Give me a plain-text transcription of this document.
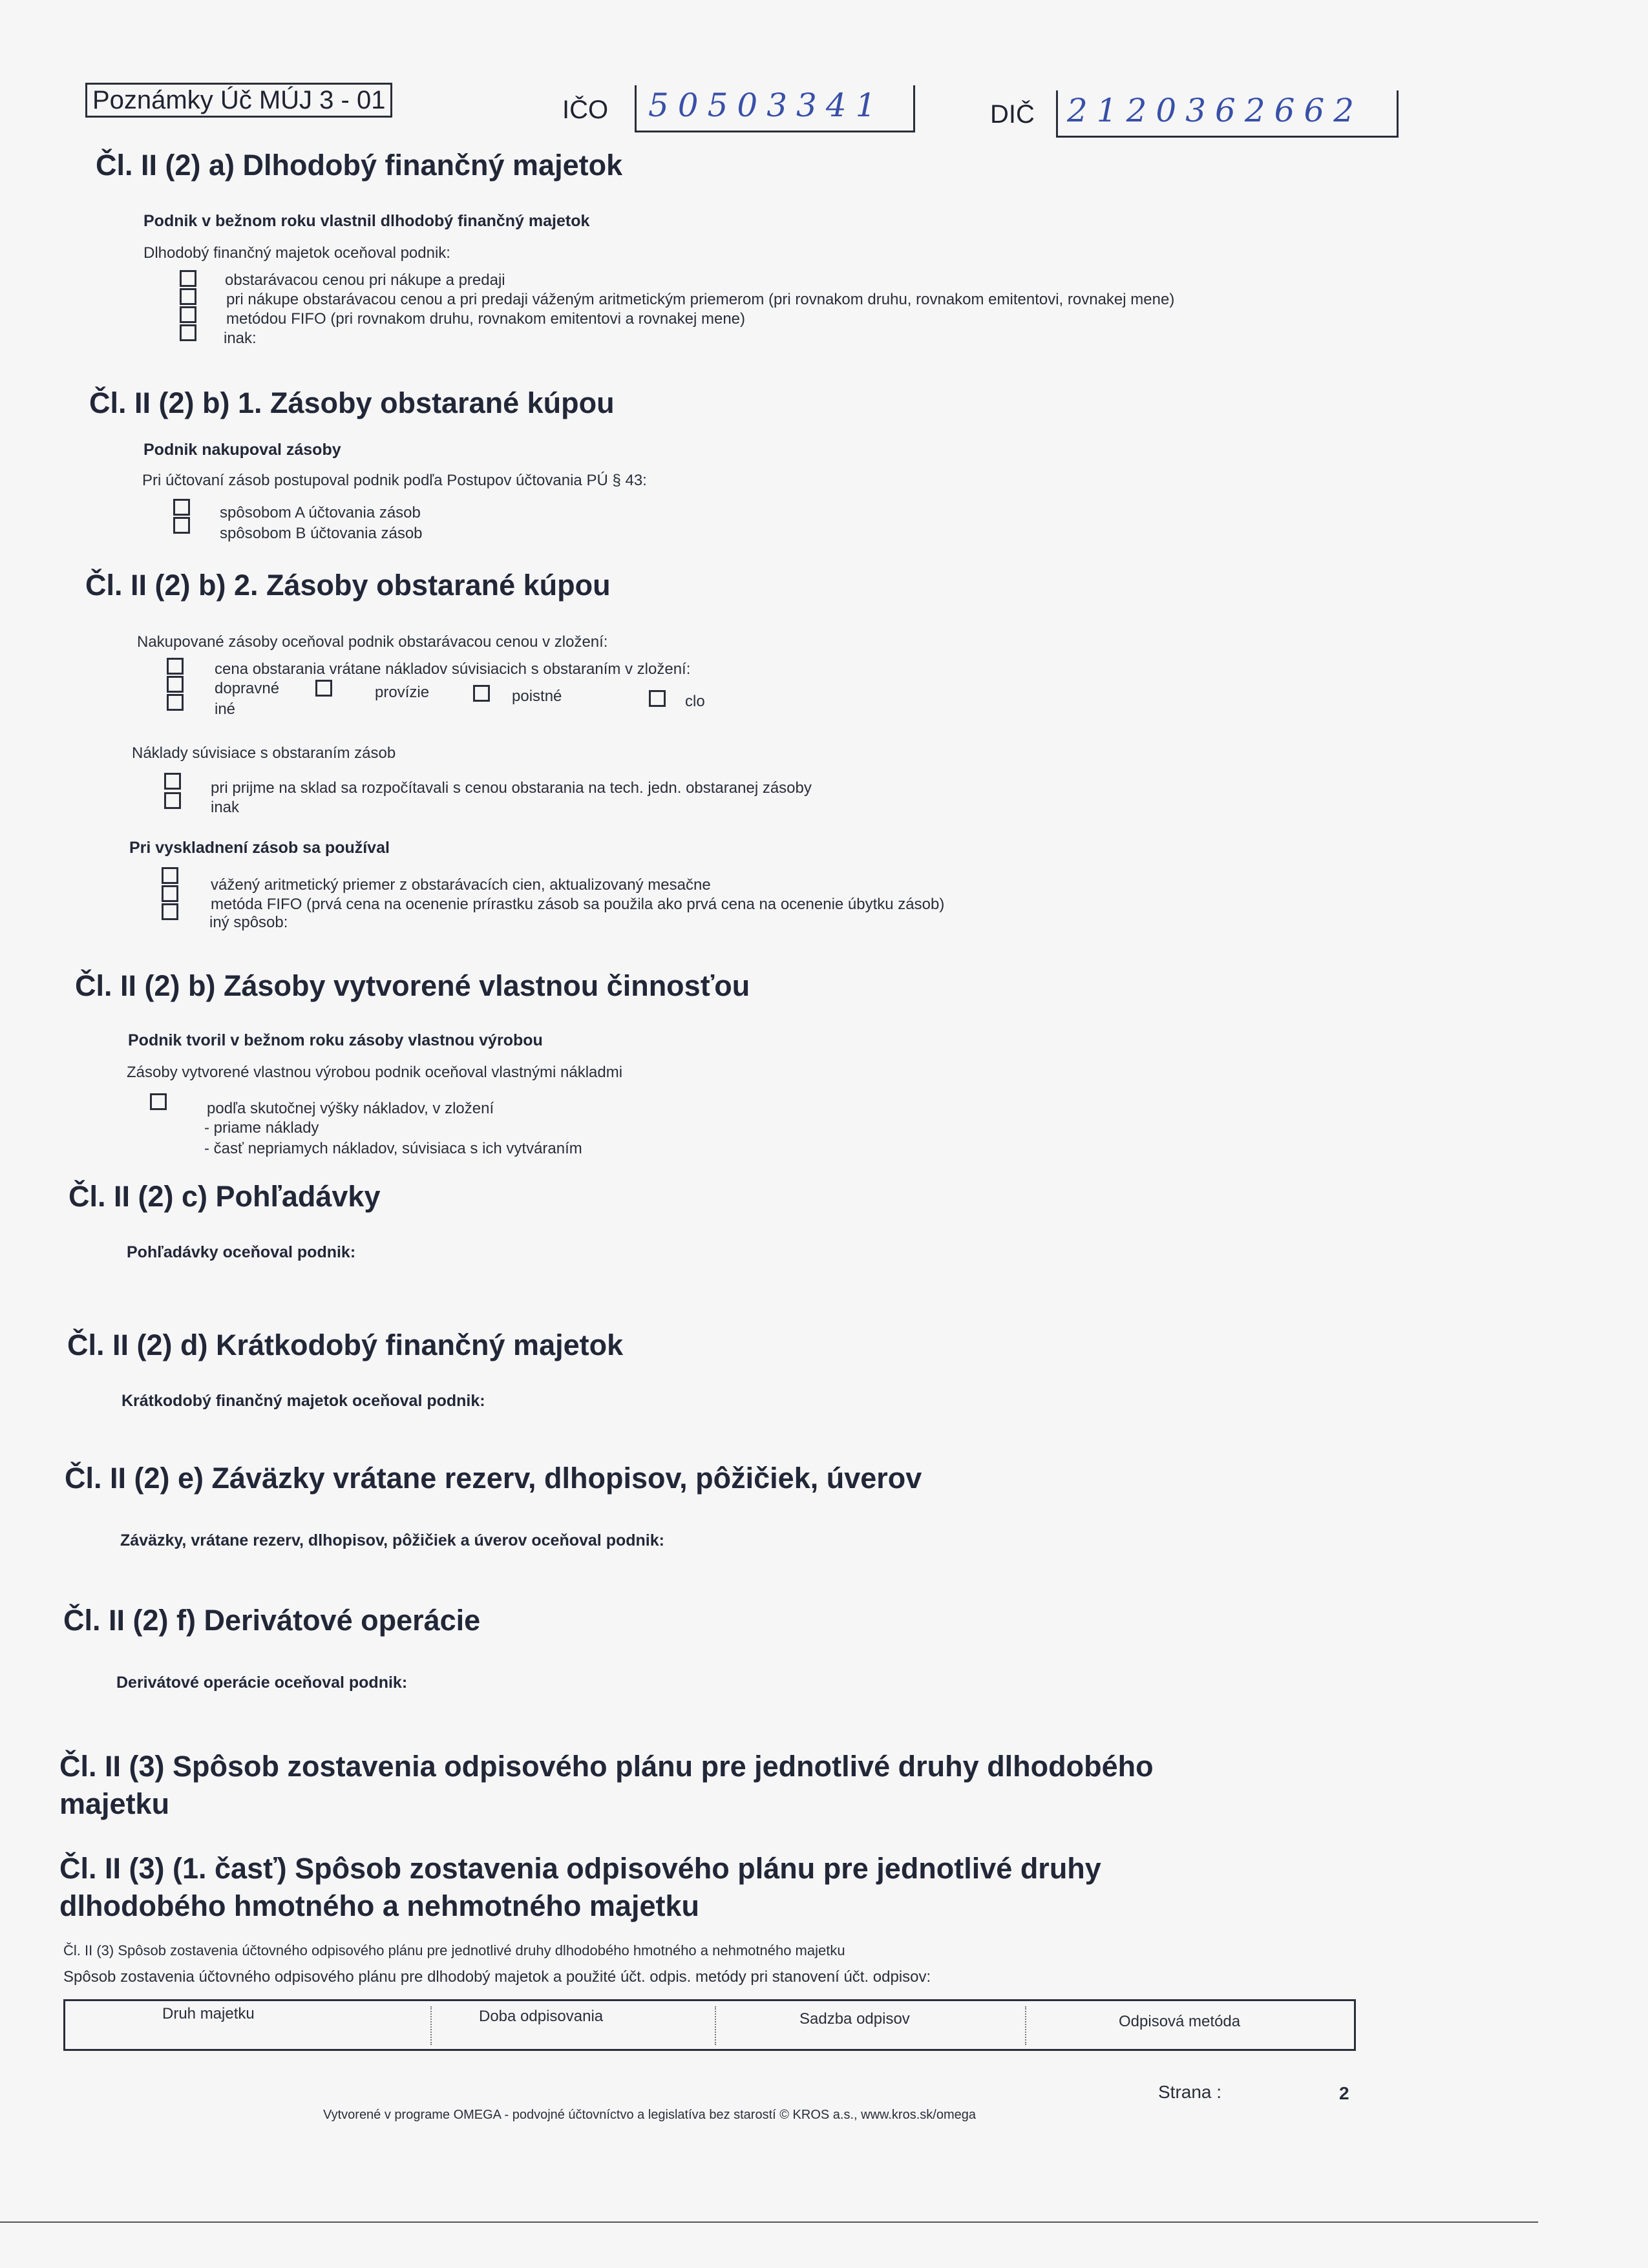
Poznámky Úč MÚJ 3 - 01	IČO 50503341	DIČ 2120362662
Čl. II (2) a) Dlhodobý finančný majetok
Podnik v bežnom roku vlastnil dlhodobý finančný majetok
Dlhodobý finančný majetok oceňoval podnik:
obstarávacou cenou pri nákupe a predaji
pri nákupe obstarávacou cenou a pri predaji váženým aritmetickým priemerom (pri rovnakom druhu, rovnakom emitentovi, rovnakej mene)
metódou FIFO (pri rovnakom druhu, rovnakom emitentovi a rovnakej mene)
inak:
Čl. II (2) b) 1. Zásoby obstarané kúpou
Podnik nakupoval zásoby
Pri účtovaní zásob postupoval podnik podľa Postupov účtovania PÚ § 43:
spôsobom A účtovania zásob
spôsobom B účtovania zásob
Čl. II (2) b) 2. Zásoby obstarané kúpou
Nakupované zásoby oceňoval podnik obstarávacou cenou v zložení:
cena obstarania vrátane nákladov súvisiacich s obstaraním v zložení:
dopravné	provízie	poistné	clo
iné
Náklady súvisiace s obstaraním zásob
pri prijme na sklad sa rozpočítavali s cenou obstarania na tech. jedn. obstaranej zásoby
inak
Pri vyskladnení zásob sa používal
vážený aritmetický priemer z obstarávacích cien, aktualizovaný mesačne
metóda FIFO (prvá cena na ocenenie prírastku zásob sa použila ako prvá cena na ocenenie úbytku zásob)
iný spôsob:
Čl. II (2) b) Zásoby vytvorené vlastnou činnosťou
Podnik tvoril v bežnom roku zásoby vlastnou výrobou
Zásoby vytvorené vlastnou výrobou podnik oceňoval vlastnými nákladmi
podľa skutočnej výšky nákladov, v zložení
- priame náklady
- časť nepriamych nákladov, súvisiaca s ich vytváraním
Čl. II (2) c) Pohľadávky
Pohľadávky oceňoval podnik:
Čl. II (2) d) Krátkodobý finančný majetok
Krátkodobý finančný majetok oceňoval podnik:
Čl. II (2) e) Záväzky vrátane rezerv, dlhopisov, pôžičiek, úverov
Záväzky, vrátane rezerv, dlhopisov, pôžičiek a úverov oceňoval podnik:
Čl. II (2) f) Derivátové operácie
Derivátové operácie oceňoval podnik:
Čl. II (3) Spôsob zostavenia odpisového plánu pre jednotlivé druhy dlhodobého
majetku
Čl. II (3) (1. časť) Spôsob zostavenia odpisového plánu pre jednotlivé druhy
dlhodobého hmotného a nehmotného majetku
Čl. II (3) Spôsob zostavenia účtovného odpisového plánu pre jednotlivé druhy dlhodobého hmotného a nehmotného majetku
Spôsob zostavenia účtovného odpisového plánu pre dlhodobý majetok a použité účt. odpis. metódy pri stanovení účt. odpisov:
Druh majetku	Doba odpisovania	Sadzba odpisov	Odpisová metóda
Strana :	2
Vytvorené v programe OMEGA - podvojné účtovníctvo a legislatíva bez starostí © KROS a.s., www.kros.sk/omega
